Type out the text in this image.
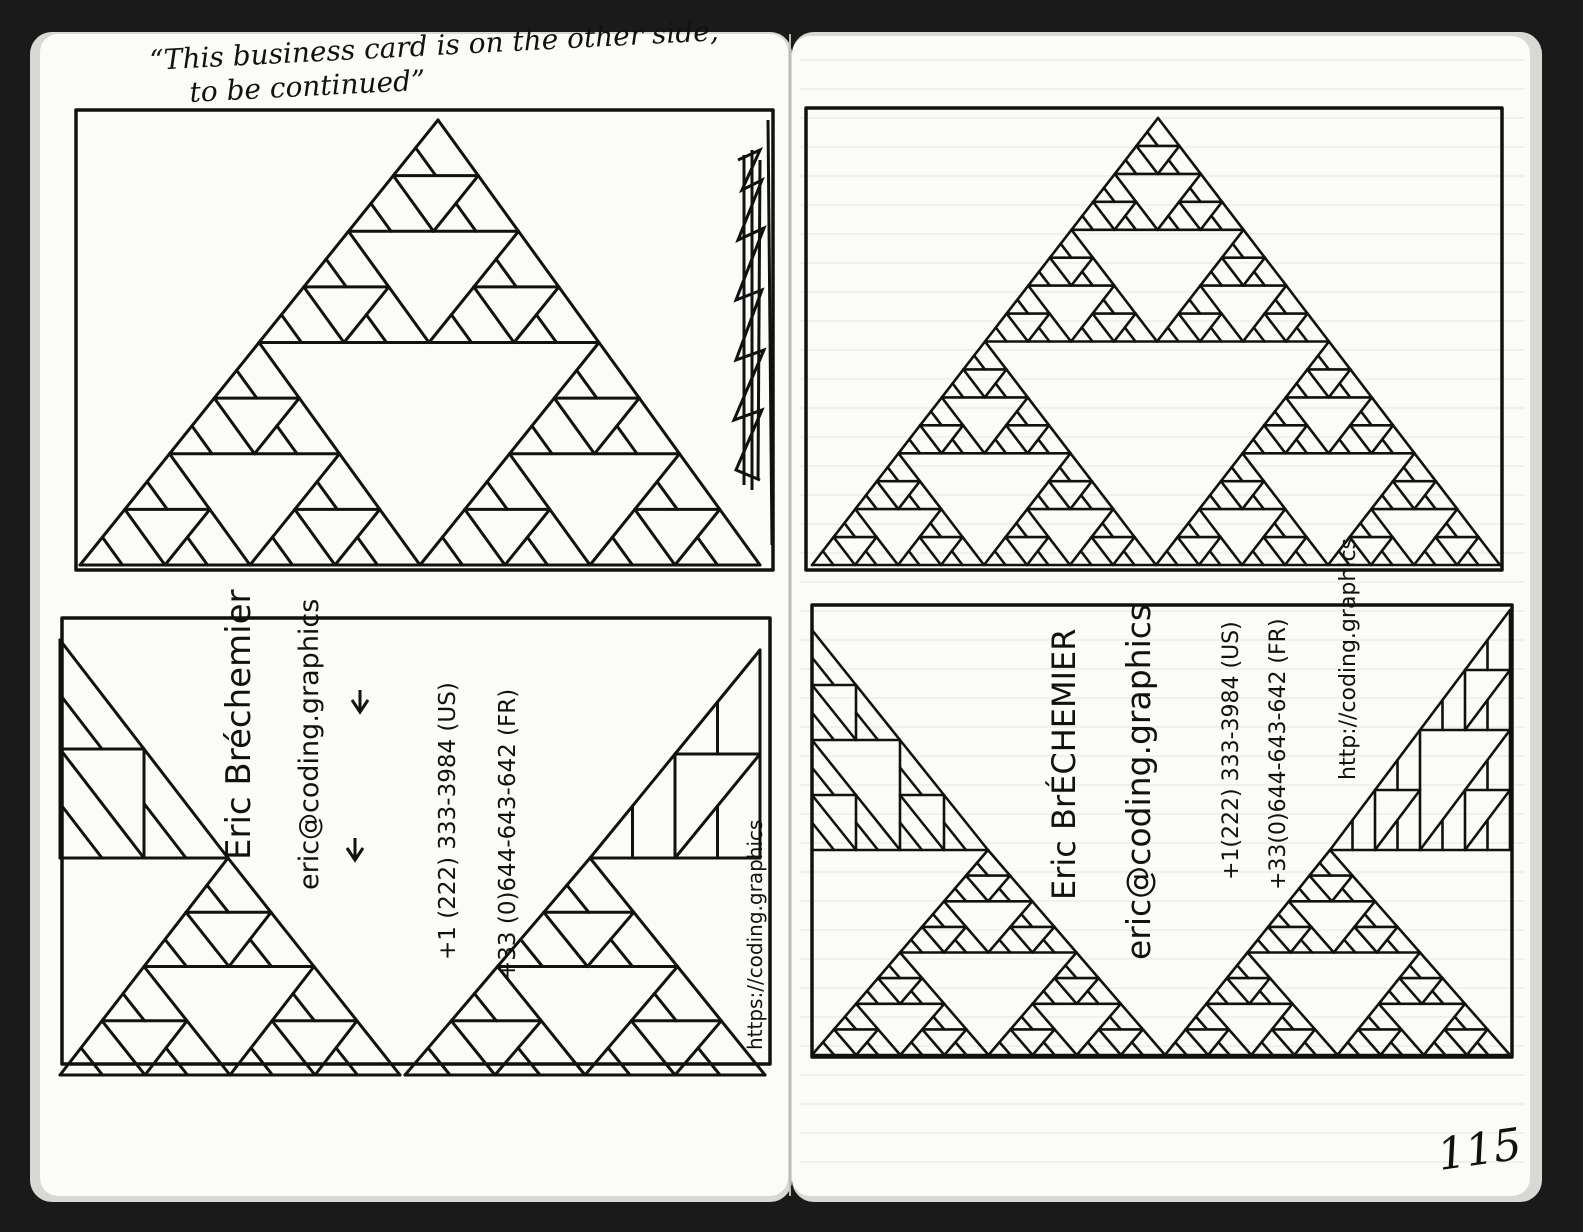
“This business card is on the other side,
to be continued”
Eric Bréchemier eric@coding.graphics	+1 (222) 333-3984 (US) +33 (0)644-643-642 (FR)	https://coding.graphics
Eric BrÉCHEMIER eric@coding.graphics	+1(222) 333-3984 (US) +33(0)644-643-642 (FR) http://coding.graphics
115
